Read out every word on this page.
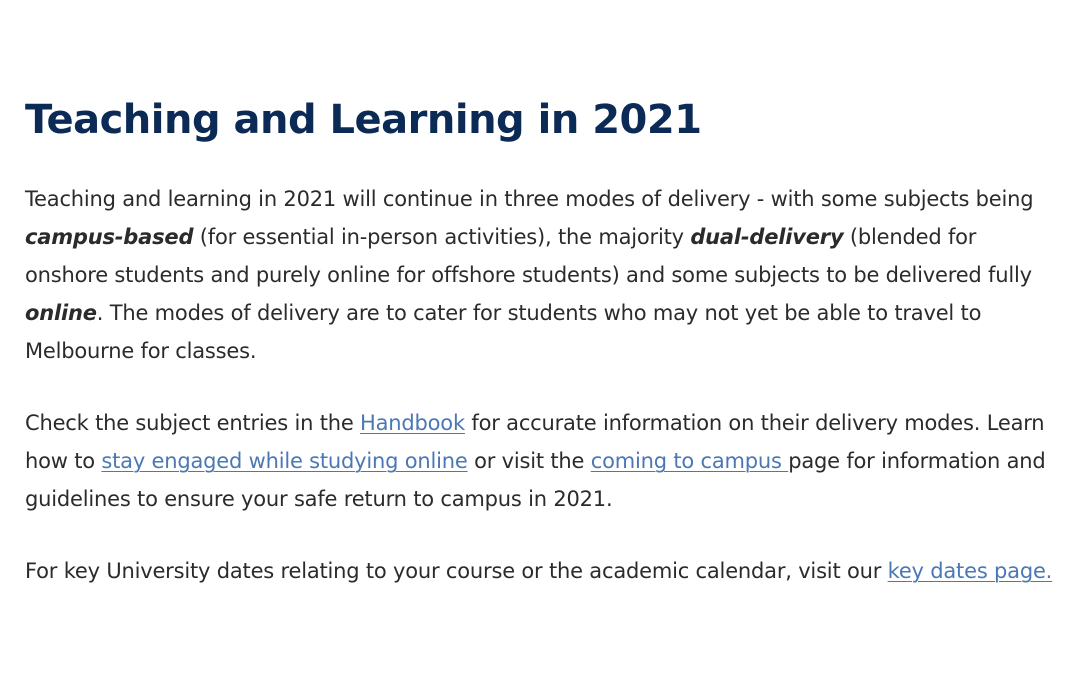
Teaching and Learning in 2021

Teaching and learning in 2021 will continue in three modes of delivery - with some subjects being campus-based (for essential in-person activities), the majority dual-delivery (blended for onshore students and purely online for offshore students) and some subjects to be delivered fully online. The modes of delivery are to cater for students who may not yet be able to travel to Melbourne for classes.

Check the subject entries in the Handbook for accurate information on their delivery modes. Learn how to stay engaged while studying online or visit the coming to campus page for information and guidelines to ensure your safe return to campus in 2021.

For key University dates relating to your course or the academic calendar, visit our key dates page.
